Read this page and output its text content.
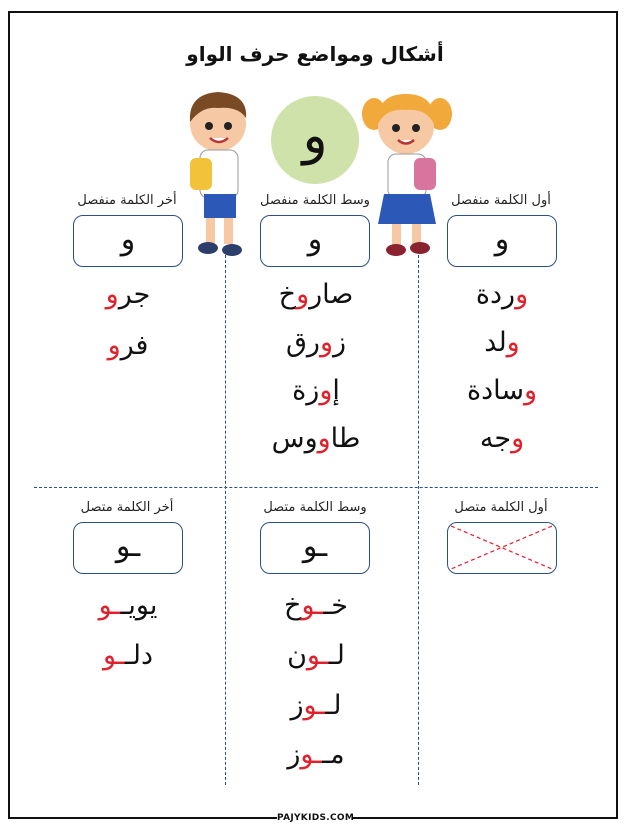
أشكال ومواضع حرف الواو
و
أول الكلمة منفصل
وسط الكلمة منفصل
أخر الكلمة منفصل
و
و
و
وردة
ولد
وسادة
وجه
صاروخ
زورق
إوزة
طاووس
جرو
فرو
أول الكلمة متصل
وسط الكلمة متصل
أخر الكلمة متصل
ـو
ـو
خــوخ
لــون
لــوز
مــوز
يويــو
دلــو
PAJYKIDS.COM
